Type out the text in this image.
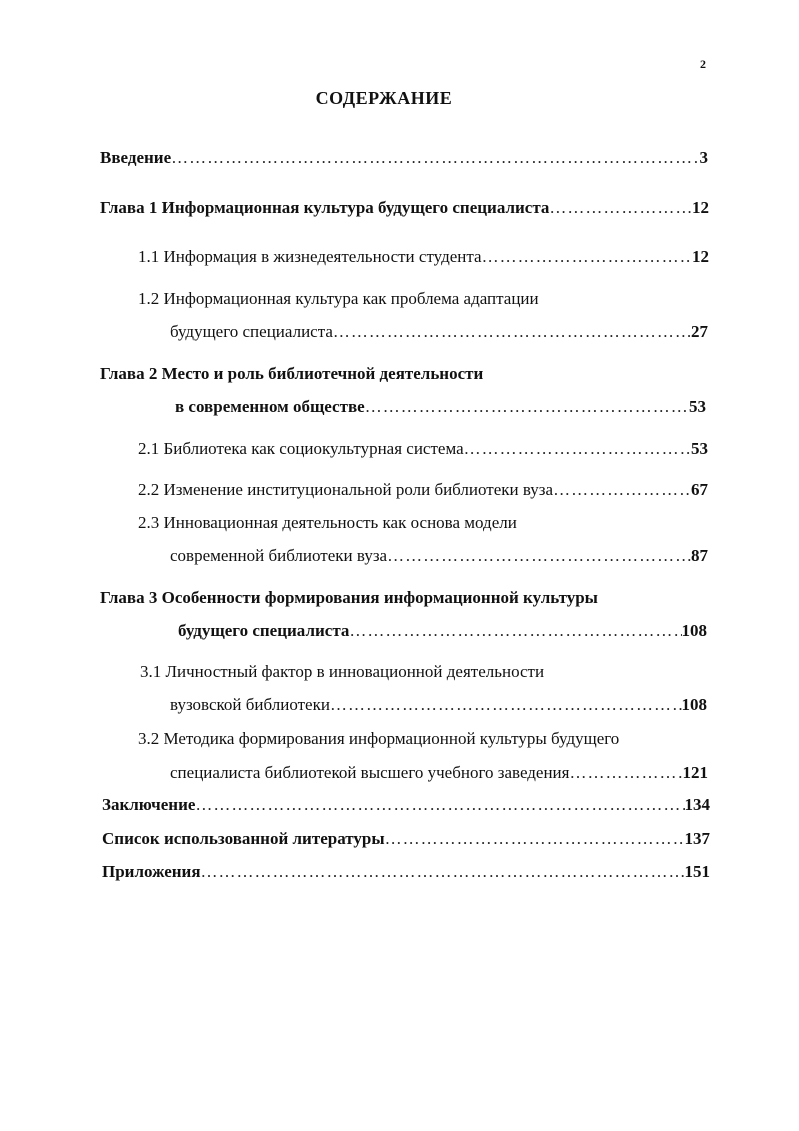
2
СОДЕРЖАНИЕ
Введение ……………………………………………………………………………………………………………………………………………………………………………………	3
Глава 1 Информационная культура будущего специалиста ……………………………………………………………………………………………………………………………………………………………………………………	12
1.1 Информация в жизнедеятельности студента ……………………………………………………………………………………………………………………………………………………………………………………	12
1.2 Информационная культура как проблема адаптации
будущего специалиста ……………………………………………………………………………………………………………………………………………………………………………………	27
Глава 2 Место и роль библиотечной деятельности
в современном обществе ……………………………………………………………………………………………………………………………………………………………………………………	53
2.1 Библиотека как социокультурная система ……………………………………………………………………………………………………………………………………………………………………………………	53
2.2 Изменение институциональной роли библиотеки вуза ……………………………………………………………………………………………………………………………………………………………………………………	67
2.3 Инновационная деятельность как основа модели
современной библиотеки вуза ……………………………………………………………………………………………………………………………………………………………………………………	87
Глава 3 Особенности формирования информационной культуры
будущего специалиста ……………………………………………………………………………………………………………………………………………………………………………………	108
3.1 Личностный фактор в инновационной деятельности
вузовской библиотеки ……………………………………………………………………………………………………………………………………………………………………………………	108
3.2 Методика формирования информационной культуры будущего
специалиста библиотекой высшего учебного заведения ……………………………………………………………………………………………………………………………………………………………………………………	121
Заключение ……………………………………………………………………………………………………………………………………………………………………………………	134
Список использованной литературы ……………………………………………………………………………………………………………………………………………………………………………………	137
Приложения ……………………………………………………………………………………………………………………………………………………………………………………	151
